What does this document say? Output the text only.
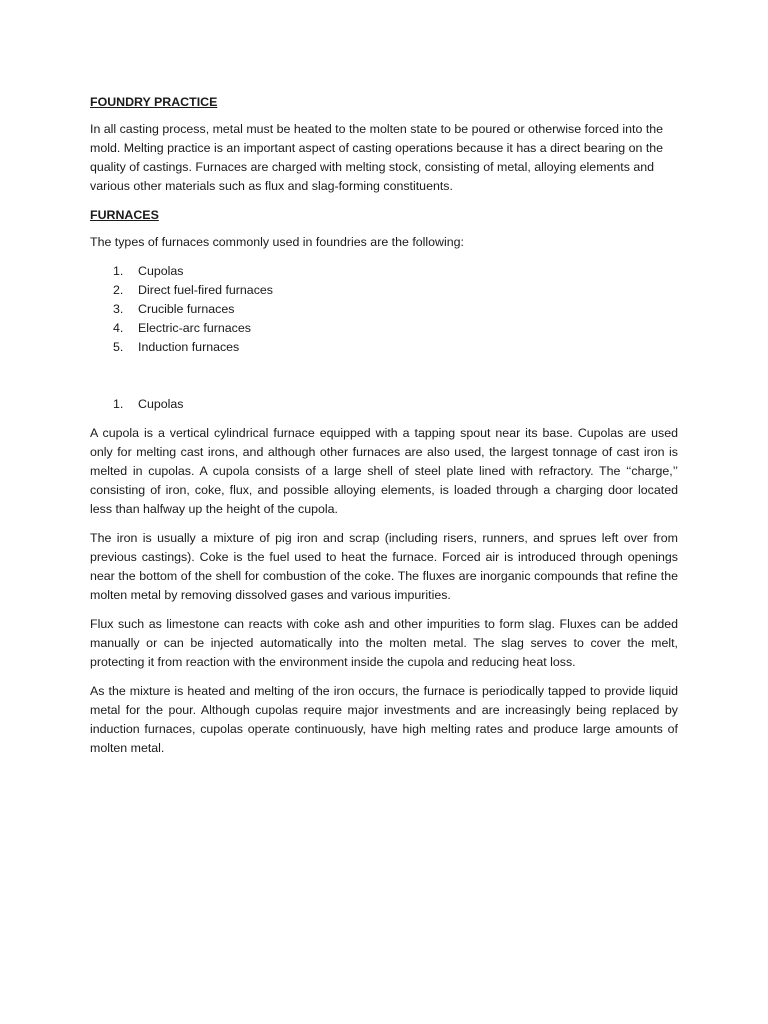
FOUNDRY PRACTICE

In all casting process, metal must be heated to the molten state to be poured or otherwise forced into the mold. Melting practice is an important aspect of casting operations because it has a direct bearing on the quality of castings. Furnaces are charged with melting stock, consisting of metal, alloying elements and various other materials such as flux and slag-forming constituents.

FURNACES

The types of furnaces commonly used in foundries are the following:

1. Cupolas
2. Direct fuel-fired furnaces
3. Crucible furnaces
4. Electric-arc furnaces
5. Induction furnaces
1. Cupolas

A cupola is a vertical cylindrical furnace equipped with a tapping spout near its base. Cupolas are used only for melting cast irons, and although other furnaces are also used, the largest tonnage of cast iron is melted in cupolas. A cupola consists of a large shell of steel plate lined with refractory. The ‘‘charge,’’ consisting of iron, coke, flux, and possible alloying elements, is loaded through a charging door located less than halfway up the height of the cupola.

The iron is usually a mixture of pig iron and scrap (including risers, runners, and sprues left over from previous castings). Coke is the fuel used to heat the furnace. Forced air is introduced through openings near the bottom of the shell for combustion of the coke. The fluxes are inorganic compounds that refine the molten metal by removing dissolved gases and various impurities.

Flux such as limestone can reacts with coke ash and other impurities to form slag. Fluxes can be added manually or can be injected automatically into the molten metal. The slag serves to cover the melt, protecting it from reaction with the environment inside the cupola and reducing heat loss.

As the mixture is heated and melting of the iron occurs, the furnace is periodically tapped to provide liquid metal for the pour. Although cupolas require major investments and are increasingly being replaced by induction furnaces, cupolas operate continuously, have high melting rates and produce large amounts of molten metal.
